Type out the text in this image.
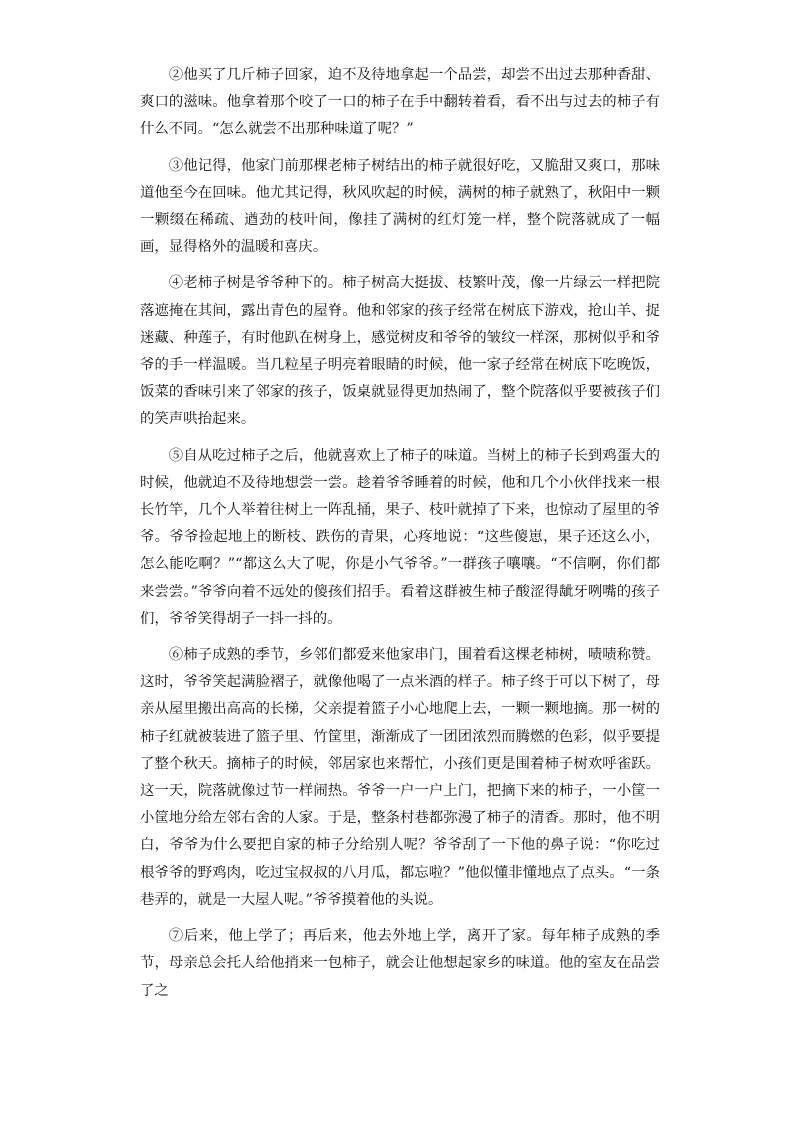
②他买了几斤柿子回家，迫不及待地拿起一个品尝，却尝不出过去那种香甜、爽口的滋味。他拿着那个咬了一口的柿子在手中翻转着看，看不出与过去的柿子有什么不同。“怎么就尝不出那种味道了呢？”

③他记得，他家门前那棵老柿子树结出的柿子就很好吃，又脆甜又爽口，那味道他至今在回味。他尤其记得，秋风吹起的时候，满树的柿子就熟了，秋阳中一颗一颗缀在稀疏、遒劲的枝叶间，像挂了满树的红灯笼一样，整个院落就成了一幅画，显得格外的温暖和喜庆。

④老柿子树是爷爷种下的。柿子树高大挺拔、枝繁叶茂，像一片绿云一样把院落遮掩在其间，露出青色的屋脊。他和邻家的孩子经常在树底下游戏，抢山羊、捉迷藏、种莲子，有时他趴在树身上，感觉树皮和爷爷的皱纹一样深，那树似乎和爷爷的手一样温暖。当几粒星子明亮着眼睛的时候，他一家子经常在树底下吃晚饭，饭菜的香味引来了邻家的孩子，饭桌就显得更加热闹了，整个院落似乎要被孩子们的笑声哄抬起来。

⑤自从吃过柿子之后，他就喜欢上了柿子的味道。当树上的柿子长到鸡蛋大的时候，他就迫不及待地想尝一尝。趁着爷爷睡着的时候，他和几个小伙伴找来一根长竹竿，几个人举着往树上一阵乱捅，果子、枝叶就掉了下来，也惊动了屋里的爷爷。爷爷捡起地上的断枝、跌伤的青果，心疼地说：“这些傻崽，果子还这么小，怎么能吃啊？”“都这么大了呢，你是小气爷爷。”一群孩子嚷嚷。“不信啊，你们都来尝尝。”爷爷向着不远处的傻孩们招手。看着这群被生柿子酸涩得龇牙咧嘴的孩子们，爷爷笑得胡子一抖一抖的。

⑥柿子成熟的季节，乡邻们都爱来他家串门，围着看这棵老柿树，啧啧称赞。这时，爷爷笑起满脸褶子，就像他喝了一点米酒的样子。柿子终于可以下树了，母亲从屋里搬出高高的长梯，父亲提着篮子小心地爬上去，一颗一颗地摘。那一树的柿子红就被装进了篮子里、竹筐里，渐渐成了一团团浓烈而腾燃的色彩，似乎要提了整个秋天。摘柿子的时候，邻居家也来帮忙，小孩们更是围着柿子树欢呼雀跃。这一天，院落就像过节一样闹热。爷爷一户一户上门，把摘下来的柿子，一小筐一小筐地分给左邻右舍的人家。于是，整条村巷都弥漫了柿子的清香。那时，他不明白，爷爷为什么要把自家的柿子分给别人呢？爷爷刮了一下他的鼻子说：“你吃过根爷爷的野鸡肉，吃过宝叔叔的八月瓜，都忘啦？”他似懂非懂地点了点头。“一条巷弄的，就是一大屋人呢。”爷爷摸着他的头说。

⑦后来，他上学了；再后来，他去外地上学，离开了家。每年柿子成熟的季节，母亲总会托人给他捎来一包柿子，就会让他想起家乡的味道。他的室友在品尝了之
